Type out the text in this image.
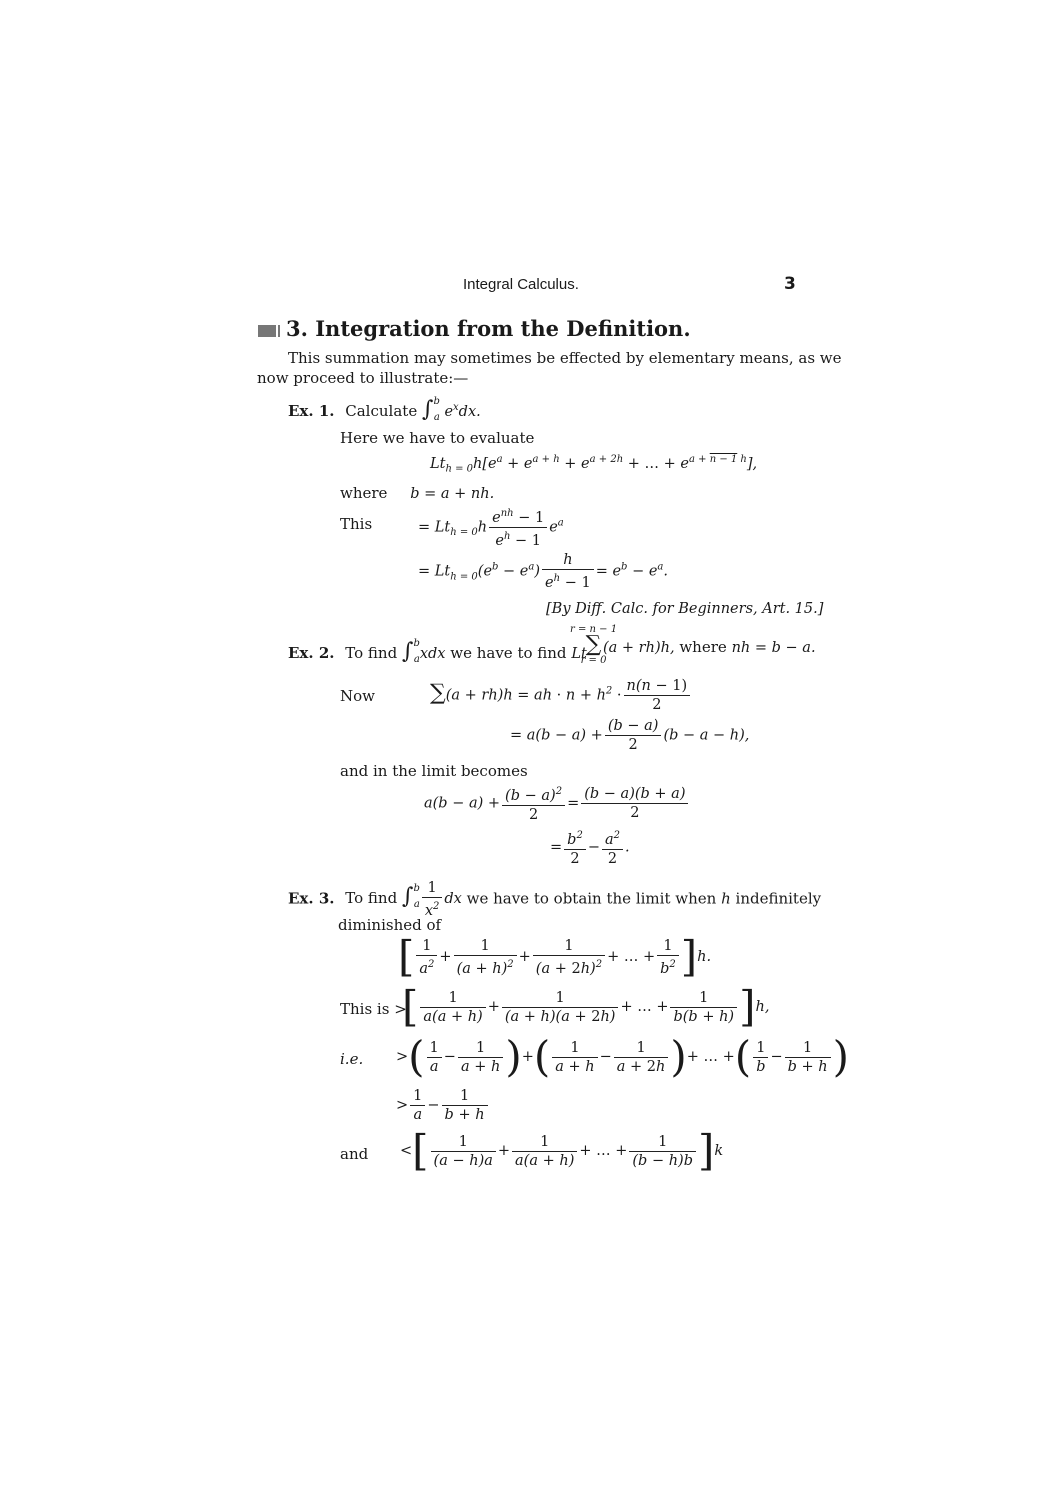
Integral Calculus.	3
3. Integration from the Definition.
This summation may sometimes be effected by elementary means, as we
now proceed to illustrate:—
Ex. 1. Calculate ∫$^b_a$ $e^xdx$.
Here we have to evaluate
$Lt_{h = 0}h[e^a + e^{a + h} + e^{a + 2h}$ + … + $e^{a + n - 1 h}$],
where b = a + nh.
This	= $Lt_{h = 0}h \frac{e^{nh} - 1}{e^h - 1} e^a$
= $Lt_{h = 0}(e^b - e^a) \frac{h}{e^h - 1} = e^b - e^a$.
[By Diff. Calc. for Beginners, Art. 15.]
Ex. 2. To find ∫$^b_a$xdx we have to find Lt
r = n − 1
∑
r = 0
(a + rh)h, where nh = b − a.
Now	∑(a + rh)h = ah · $n + h^2 \cdot \frac{n(n - 1)}{2}$
= $a(b - a) + \frac{(b - a)}{2} (b - a - h)$,
and in the limit becomes
$a(b - a) + \frac{(b - a)^2}{2} = \frac{(b - a)(b + a)}{2}$
= $\frac{b^2}{2} - \frac{a^2}{2}$ .
Ex. 3. To find $\int^b_a \frac{1}{x^2}$ dx we have to obtain the limit when h indefinitely
diminished of
[ $\frac{1}{a^2} + \frac{1}{(a + h)^2} + \frac{1}{(a + 2h)^2}$ + … + $\frac{1}{b^2} ]h$.
This is >
[ $\frac{1}{a(a + h)} + \frac{1}{(a + h)(a + 2h)}$ + … + $\frac{1}{b(b + h)} ]h$,
i.e. >( $\frac{1}{a} - \frac{1}{a + h}$ )+( $\frac{1}{a + h} - \frac{1}{a + 2h}$ )+ … +( $\frac{1}{b} - \frac{1}{b + h}$ )
> $\frac{1}{a} - \frac{1}{b + h}$
and <[ $\frac{1}{(a - h)a} + \frac{1}{a(a + h)}$ + … + $\frac{1}{(b - h)b} ]k$
